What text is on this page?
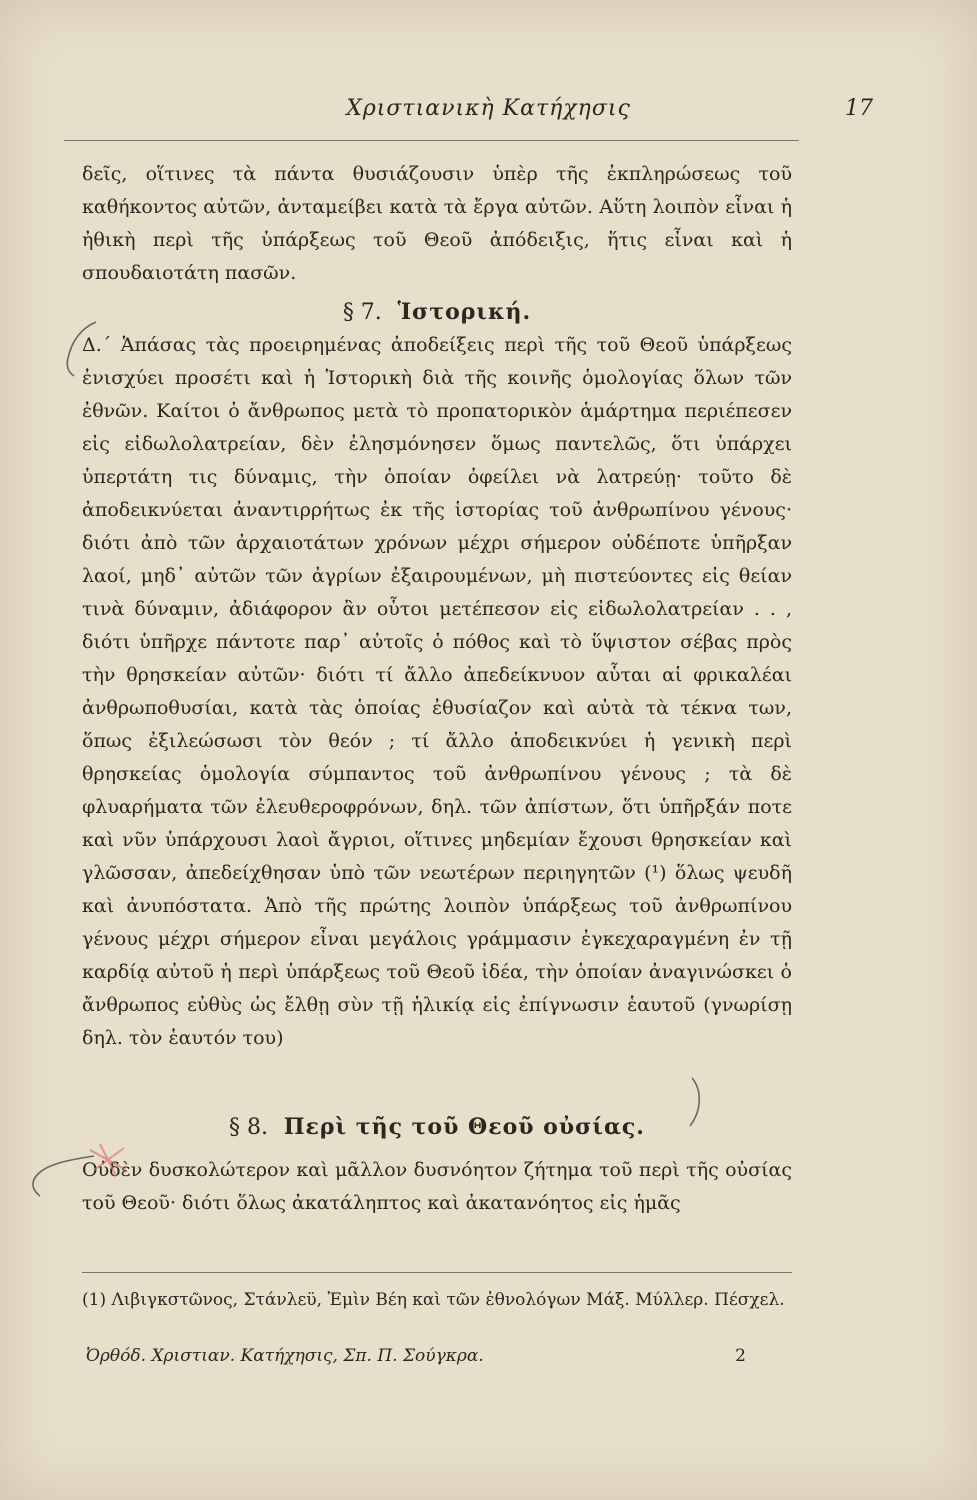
Χριστιανικὴ Κατήχησις	17

δεῖς, οἵτινες τὰ πάντα θυσιάζουσιν ὑπὲρ τῆς ἐκπληρώσεως τοῦ καθήκοντος αὐτῶν, ἀνταμείβει κατὰ τὰ ἔργα αὐτῶν. Αὕτη λοιπὸν εἶναι ἡ ἠθικὴ περὶ τῆς ὑπάρξεως τοῦ Θεοῦ ἀπόδειξις, ἥτις εἶναι καὶ ἡ σπουδαιοτάτη πασῶν.

§ 7. Ἱστορική.

Δ.΄ Ἁπάσας τὰς προειρημένας ἀποδείξεις περὶ τῆς τοῦ Θεοῦ ὑπάρξεως ἐνισχύει προσέτι καὶ ἡ Ἱστορικὴ διὰ τῆς κοινῆς ὁμολογίας ὅλων τῶν ἐθνῶν. Καίτοι ὁ ἄνθρωπος μετὰ τὸ προπατορικὸν ἁμάρτημα περιέπεσεν εἰς εἰδωλολατρείαν, δὲν ἐλησμόνησεν ὅμως παντελῶς, ὅτι ὑπάρχει ὑπερτάτη τις δύναμις, τὴν ὁποίαν ὀφείλει νὰ λατρεύῃ· τοῦτο δὲ ἀποδεικνύεται ἀναντιρρήτως ἐκ τῆς ἱστορίας τοῦ ἀνθρωπίνου γένους· διότι ἀπὸ τῶν ἀρχαιοτάτων χρόνων μέχρι σήμερον οὐδέποτε ὑπῆρξαν λαοί, μηδ᾽ αὐτῶν τῶν ἀγρίων ἐξαιρουμένων, μὴ πιστεύοντες εἰς θείαν τινὰ δύναμιν, ἀδιάφορον ἂν οὗτοι μετέπεσον εἰς εἰδωλολατρείαν . . , διότι ὑπῆρχε πάντοτε παρ᾽ αὐτοῖς ὁ πόθος καὶ τὸ ὕψιστον σέβας πρὸς τὴν θρησκείαν αὐτῶν· διότι τί ἄλλο ἀπεδείκνυον αὗται αἱ φρικαλέαι ἀνθρωποθυσίαι, κατὰ τὰς ὁποίας ἐθυσίαζον καὶ αὐτὰ τὰ τέκνα των, ὅπως ἐξιλεώσωσι τὸν θεόν ; τί ἄλλο ἀποδεικνύει ἡ γενικὴ περὶ θρησκείας ὁμολογία σύμπαντος τοῦ ἀνθρωπίνου γένους ; τὰ δὲ φλυαρήματα τῶν ἐλευθεροφρόνων, δηλ. τῶν ἀπίστων, ὅτι ὑπῆρξάν ποτε καὶ νῦν ὑπάρχουσι λαοὶ ἄγριοι, οἵτινες μηδεμίαν ἔχουσι θρησκείαν καὶ γλῶσσαν, ἀπεδείχθησαν ὑπὸ τῶν νεωτέρων περιηγητῶν (¹) ὅλως ψευδῆ καὶ ἀνυπόστατα. Ἀπὸ τῆς πρώτης λοιπὸν ὑπάρξεως τοῦ ἀνθρωπίνου γένους μέχρι σήμερον εἶναι μεγάλοις γράμμασιν ἐγκεχαραγμένη ἐν τῇ καρδίᾳ αὐτοῦ ἡ περὶ ὑπάρξεως τοῦ Θεοῦ ἰδέα, τὴν ὁποίαν ἀναγινώσκει ὁ ἄνθρωπος εὐθὺς ὡς ἔλθῃ σὺν τῇ ἡλικίᾳ εἰς ἐπίγνωσιν ἑαυτοῦ (γνωρίσῃ δηλ. τὸν ἑαυτόν του)

§ 8. Περὶ τῆς τοῦ Θεοῦ οὐσίας.

Οὐδὲν δυσκολώτερον καὶ μᾶλλον δυσνόητον ζήτημα τοῦ περὶ τῆς οὐσίας τοῦ Θεοῦ· διότι ὅλως ἀκατάληπτος καὶ ἀκατανόητος εἰς ἡμᾶς

(1) Λιβιγκστῶνος, Στάνλεϋ, Ἐμὶν Βέη καὶ τῶν ἐθνολόγων Μάξ. Μύλλερ. Πέσχελ.

Ὀρθόδ. Χριστιαν. Κατήχησις, Σπ. Π. Σούγκρα.	2
